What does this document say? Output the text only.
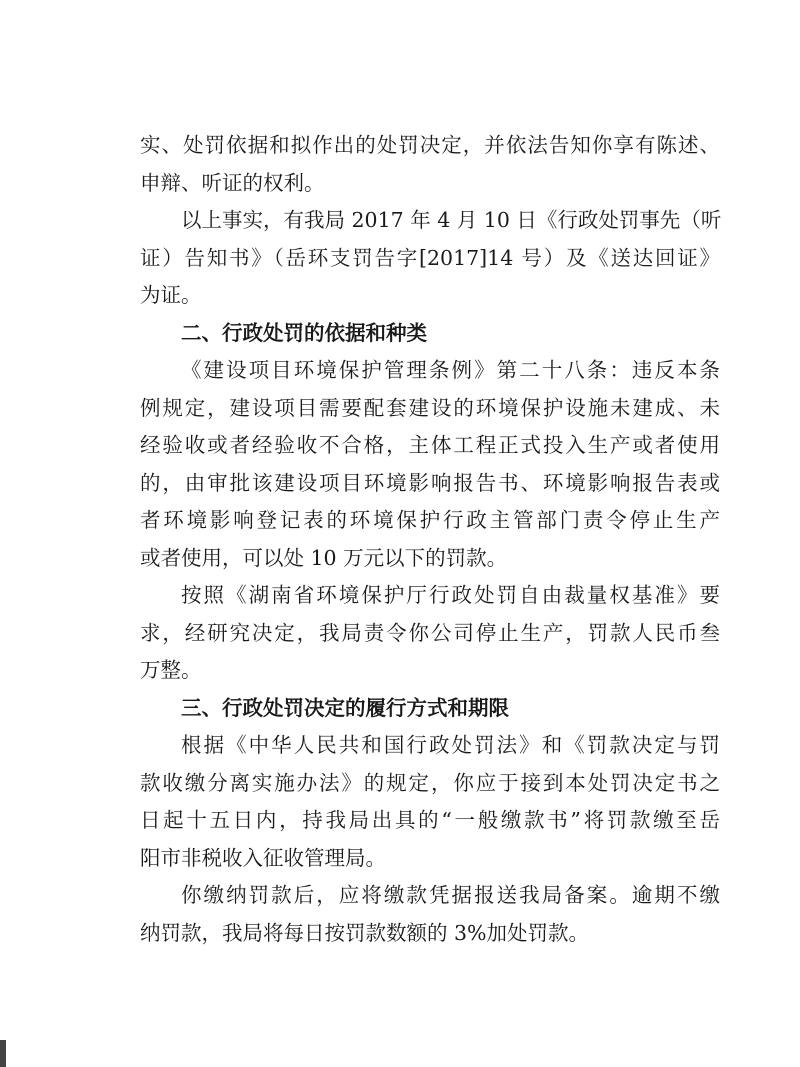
实、处罚依据和拟作出的处罚决定，并依法告知你享有陈述、
申辩、听证的权利。
以上事实，有我局 2017 年 4 月 10 日《行政处罚事先（听
证）告知书》（岳环支罚告字[2017]14 号）及《送达回证》
为证。
二、行政处罚的依据和种类
《建设项目环境保护管理条例》第二十八条：违反本条
例规定，建设项目需要配套建设的环境保护设施未建成、未
经验收或者经验收不合格，主体工程正式投入生产或者使用
的，由审批该建设项目环境影响报告书、环境影响报告表或
者环境影响登记表的环境保护行政主管部门责令停止生产
或者使用，可以处 10 万元以下的罚款。
按照《湖南省环境保护厅行政处罚自由裁量权基准》要
求，经研究决定，我局责令你公司停止生产，罚款人民币叁
万整。
三、行政处罚决定的履行方式和期限
根据《中华人民共和国行政处罚法》和《罚款决定与罚
款收缴分离实施办法》的规定，你应于接到本处罚决定书之
日起十五日内，持我局出具的“一般缴款书”将罚款缴至岳
阳市非税收入征收管理局。
你缴纳罚款后，应将缴款凭据报送我局备案。逾期不缴
纳罚款，我局将每日按罚款数额的 3%加处罚款。
